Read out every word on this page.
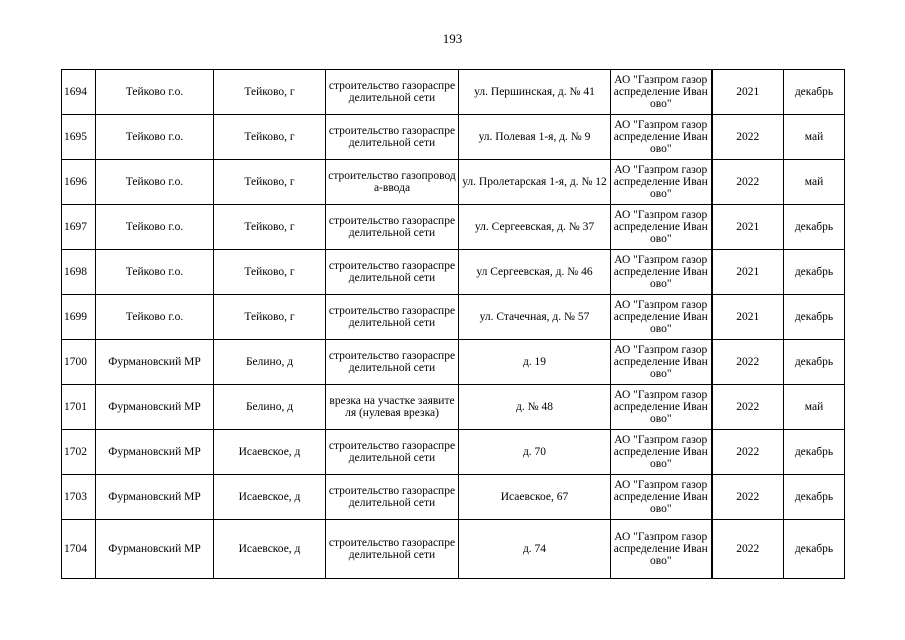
193
1694	Тейково г.о.	Тейково, г	строительство газораспределительной сети	ул. Першинская, д. № 41	АО "Газпром газораспределение Иваново"	2021	декабрь
1695	Тейково г.о.	Тейково, г	строительство газораспределительной сети	ул. Полевая 1-я, д. № 9	АО "Газпром газораспределение Иваново"	2022	май
1696	Тейково г.о.	Тейково, г	строительство газопровода-ввода	ул. Пролетарская 1-я, д. № 12	АО "Газпром газораспределение Иваново"	2022	май
1697	Тейково г.о.	Тейково, г	строительство газораспределительной сети	ул. Сергеевская, д. № 37	АО "Газпром газораспределение Иваново"	2021	декабрь
1698	Тейково г.о.	Тейково, г	строительство газораспределительной сети	ул Сергеевская, д. № 46	АО "Газпром газораспределение Иваново"	2021	декабрь
1699	Тейково г.о.	Тейково, г	строительство газораспределительной сети	ул. Стачечная, д. № 57	АО "Газпром газораспределение Иваново"	2021	декабрь
1700	Фурмановский МР	Белино, д	строительство газораспределительной сети	д. 19	АО "Газпром газораспределение Иваново"	2022	декабрь
1701	Фурмановский МР	Белино, д	врезка на участке заявителя (нулевая врезка)	д. № 48	АО "Газпром газораспределение Иваново"	2022	май
1702	Фурмановский МР	Исаевское, д	строительство газораспределительной сети	д. 70	АО "Газпром газораспределение Иваново"	2022	декабрь
1703	Фурмановский МР	Исаевское, д	строительство газораспределительной сети	Исаевское, 67	АО "Газпром газораспределение Иваново"	2022	декабрь
1704	Фурмановский МР	Исаевское, д	строительство газораспределительной сети	д. 74	АО "Газпром газораспределение Иваново"	2022	декабрь
